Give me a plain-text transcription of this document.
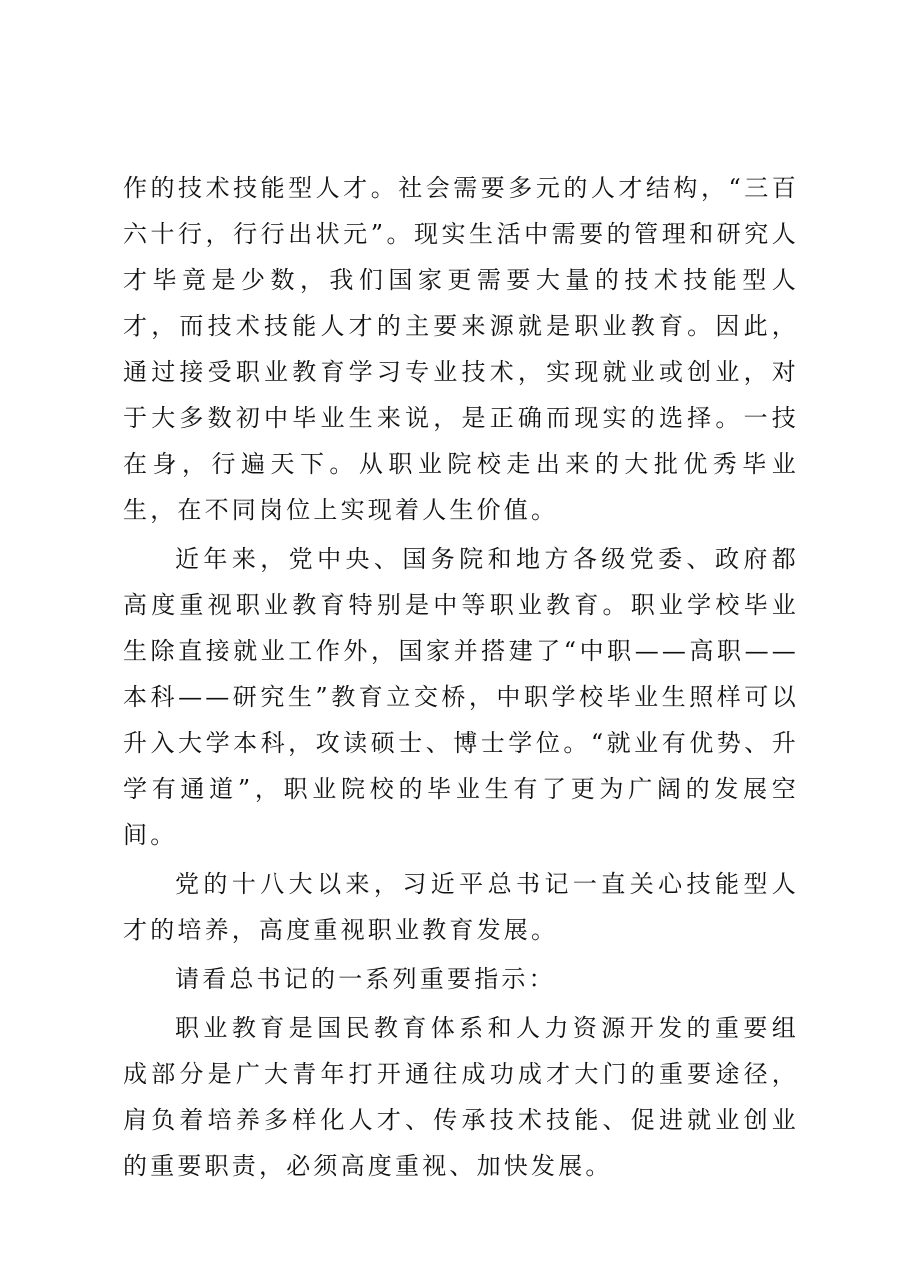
作的技术技能型人才。社会需要多元的人才结构，“三百六十行，行行出状元”。现实生活中需要的管理和研究人才毕竟是少数，我们国家更需要大量的技术技能型人才，而技术技能人才的主要来源就是职业教育。因此，通过接受职业教育学习专业技术，实现就业或创业，对于大多数初中毕业生来说，是正确而现实的选择。一技在身，行遍天下。从职业院校走出来的大批优秀毕业生，在不同岗位上实现着人生价值。

近年来，党中央、国务院和地方各级党委、政府都高度重视职业教育特别是中等职业教育。职业学校毕业生除直接就业工作外，国家并搭建了“中职——高职——本科——研究生”教育立交桥，中职学校毕业生照样可以升入大学本科，攻读硕士、博士学位。“就业有优势、升学有通道”，职业院校的毕业生有了更为广阔的发展空间。

党的十八大以来，习近平总书记一直关心技能型人才的培养，高度重视职业教育发展。

请看总书记的一系列重要指示：

职业教育是国民教育体系和人力资源开发的重要组成部分是广大青年打开通往成功成才大门的重要途径，肩负着培养多样化人才、传承技术技能、促进就业创业的重要职责，必须高度重视、加快发展。
